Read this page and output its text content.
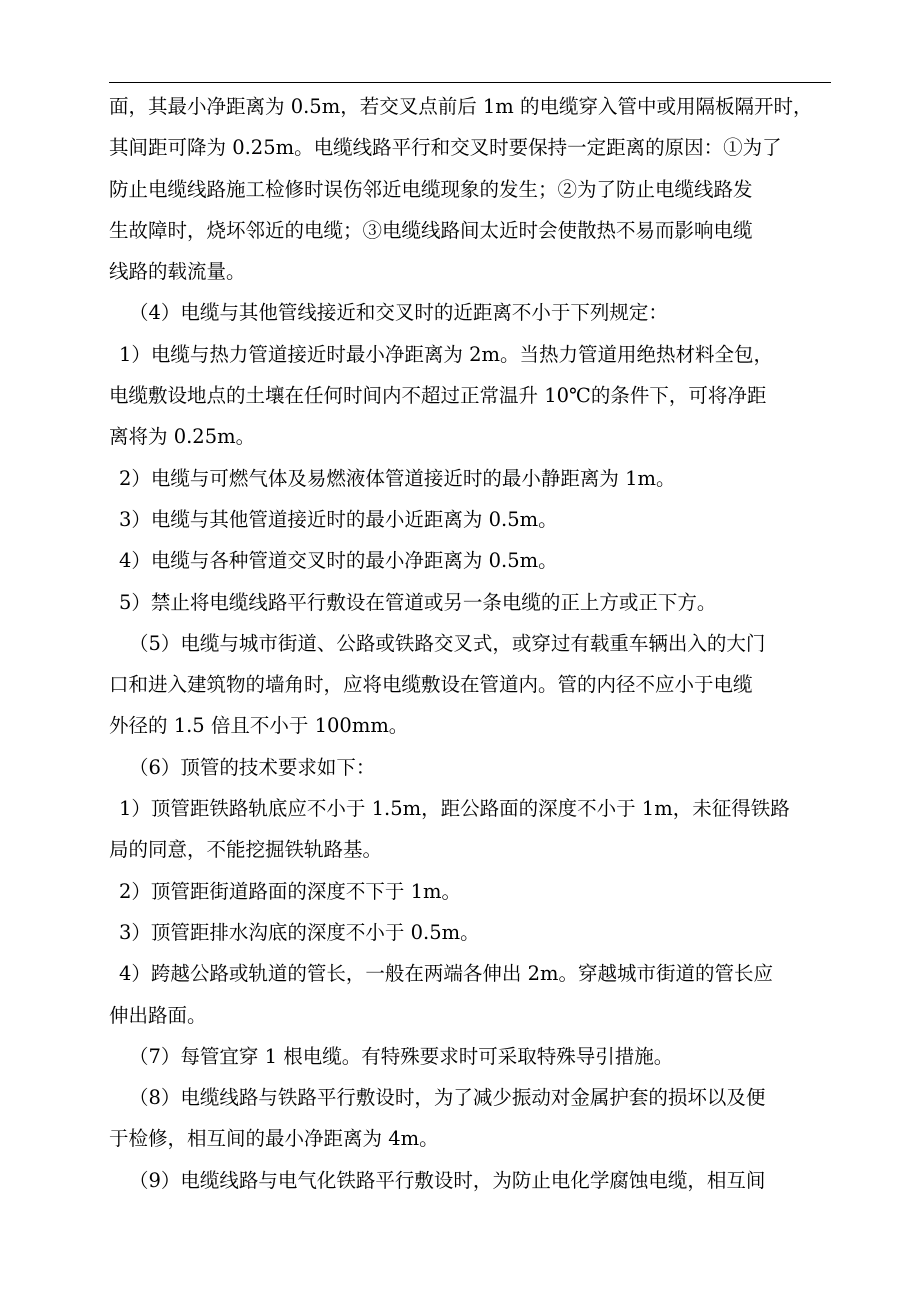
面，其最小净距离为 0.5m，若交叉点前后 1m 的电缆穿入管中或用隔板隔开时，

其间距可降为 0.25m。电缆线路平行和交叉时要保持一定距离的原因：①为了

防止电缆线路施工检修时误伤邻近电缆现象的发生；②为了防止电缆线路发

生故障时，烧坏邻近的电缆；③电缆线路间太近时会使散热不易而影响电缆

线路的载流量。

（4）电缆与其他管线接近和交叉时的近距离不小于下列规定：

1）电缆与热力管道接近时最小净距离为 2m。当热力管道用绝热材料全包，

电缆敷设地点的土壤在任何时间内不超过正常温升 10℃的条件下，可将净距

离将为 0.25m。

2）电缆与可燃气体及易燃液体管道接近时的最小静距离为 1m。

3）电缆与其他管道接近时的最小近距离为 0.5m。

4）电缆与各种管道交叉时的最小净距离为 0.5m。

5）禁止将电缆线路平行敷设在管道或另一条电缆的正上方或正下方。

（5）电缆与城市街道、公路或铁路交叉式，或穿过有载重车辆出入的大门

口和进入建筑物的墙角时，应将电缆敷设在管道内。管的内径不应小于电缆

外径的 1.5 倍且不小于 100mm。

（6）顶管的技术要求如下：

1）顶管距铁路轨底应不小于 1.5m，距公路面的深度不小于 1m，未征得铁路

局的同意，不能挖掘铁轨路基。

2）顶管距街道路面的深度不下于 1m。

3）顶管距排水沟底的深度不小于 0.5m。

4）跨越公路或轨道的管长，一般在两端各伸出 2m。穿越城市街道的管长应

伸出路面。

（7）每管宜穿 1 根电缆。有特殊要求时可采取特殊导引措施。

（8）电缆线路与铁路平行敷设时，为了减少振动对金属护套的损坏以及便

于检修，相互间的最小净距离为 4m。

（9）电缆线路与电气化铁路平行敷设时，为防止电化学腐蚀电缆，相互间
